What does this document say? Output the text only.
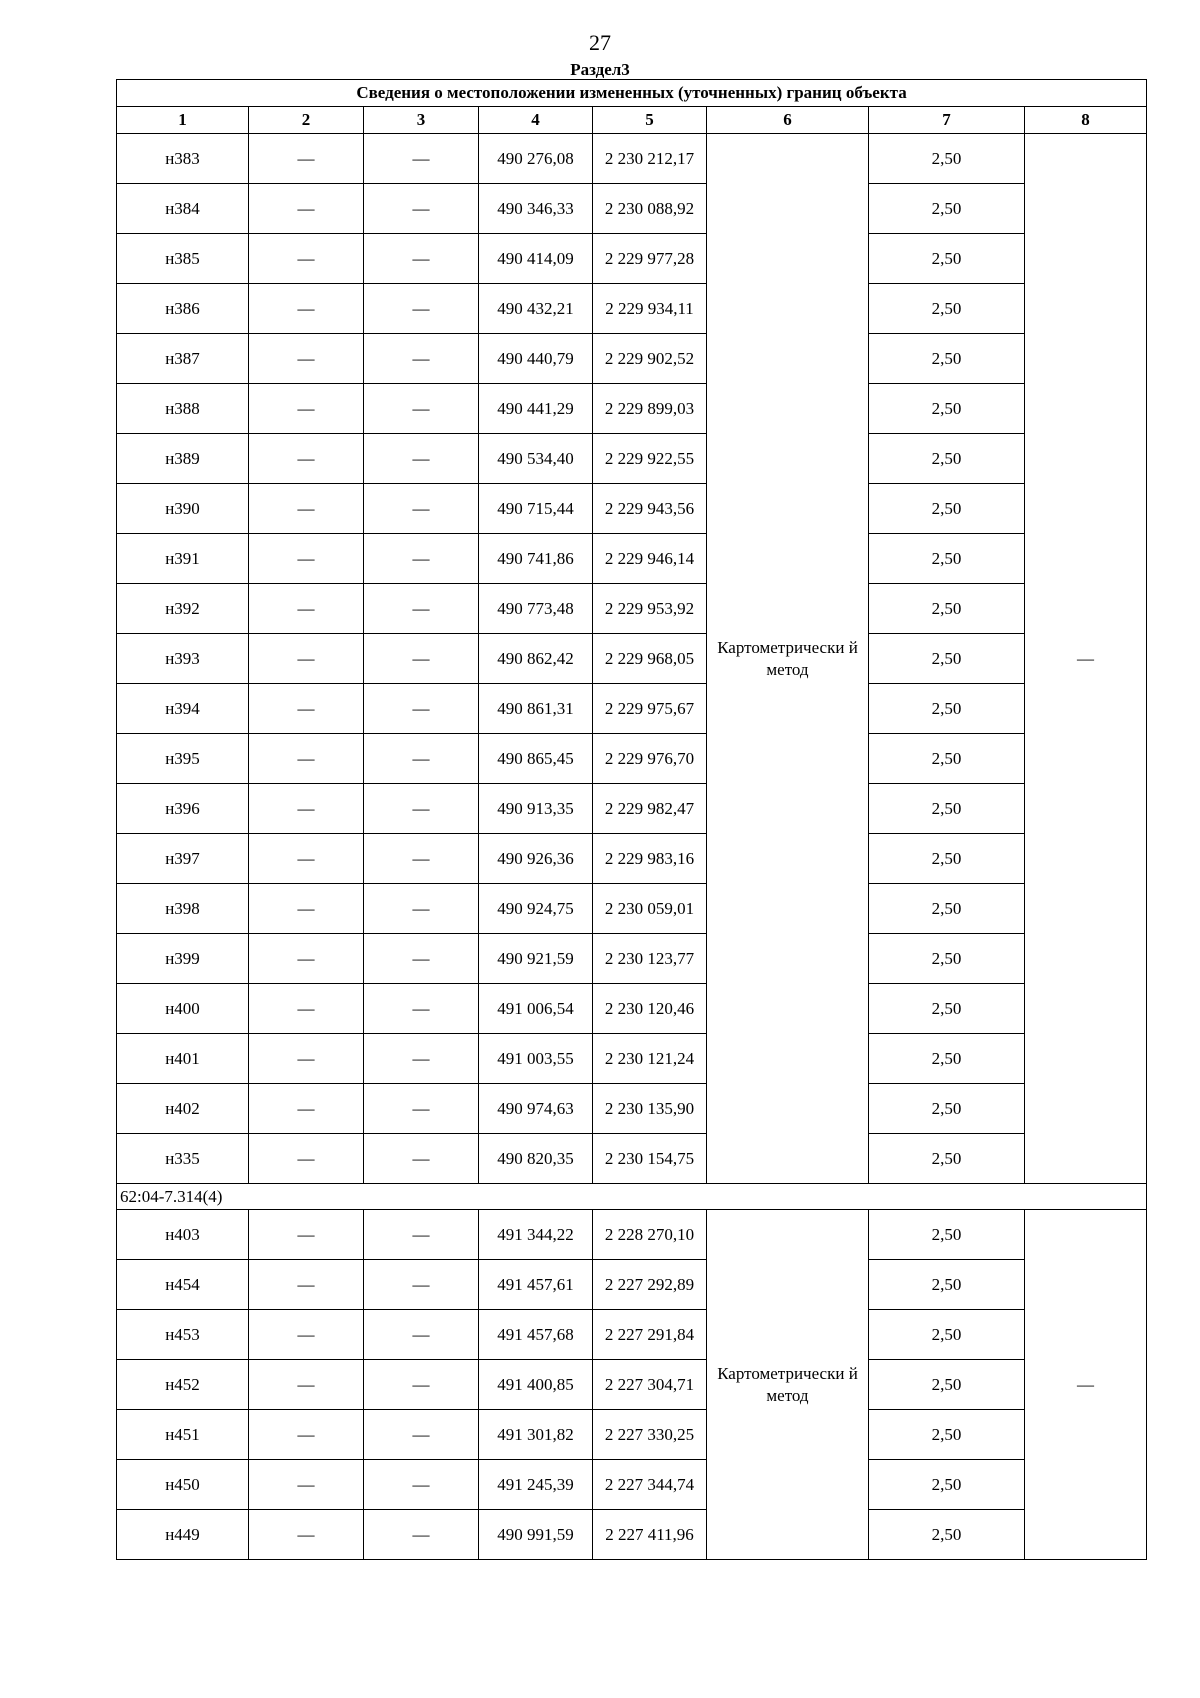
27
Раздел3
Сведения о местоположении измененных (уточненных) границ объекта							
1	2	3	4	5	6	7	8
н383	—	—	490 276,08	2 230 212,17	Картометрически й метод	2,50	—
н384	—	—	490 346,33	2 230 088,92		2,50	
н385	—	—	490 414,09	2 229 977,28		2,50	
н386	—	—	490 432,21	2 229 934,11		2,50	
н387	—	—	490 440,79	2 229 902,52		2,50	
н388	—	—	490 441,29	2 229 899,03		2,50	
н389	—	—	490 534,40	2 229 922,55		2,50	
н390	—	—	490 715,44	2 229 943,56		2,50	
н391	—	—	490 741,86	2 229 946,14		2,50	
н392	—	—	490 773,48	2 229 953,92		2,50	
н393	—	—	490 862,42	2 229 968,05		2,50	
н394	—	—	490 861,31	2 229 975,67		2,50	
н395	—	—	490 865,45	2 229 976,70		2,50	
н396	—	—	490 913,35	2 229 982,47		2,50	
н397	—	—	490 926,36	2 229 983,16		2,50	
н398	—	—	490 924,75	2 230 059,01		2,50	
н399	—	—	490 921,59	2 230 123,77		2,50	
н400	—	—	491 006,54	2 230 120,46		2,50	
н401	—	—	491 003,55	2 230 121,24		2,50	
н402	—	—	490 974,63	2 230 135,90		2,50	
н335	—	—	490 820,35	2 230 154,75		2,50	
62:04-7.314(4)							
н403	—	—	491 344,22	2 228 270,10	Картометрически й метод	2,50	—
н454	—	—	491 457,61	2 227 292,89		2,50	
н453	—	—	491 457,68	2 227 291,84		2,50	
н452	—	—	491 400,85	2 227 304,71		2,50	
н451	—	—	491 301,82	2 227 330,25		2,50	
н450	—	—	491 245,39	2 227 344,74		2,50	
н449	—	—	490 991,59	2 227 411,96		2,50	
